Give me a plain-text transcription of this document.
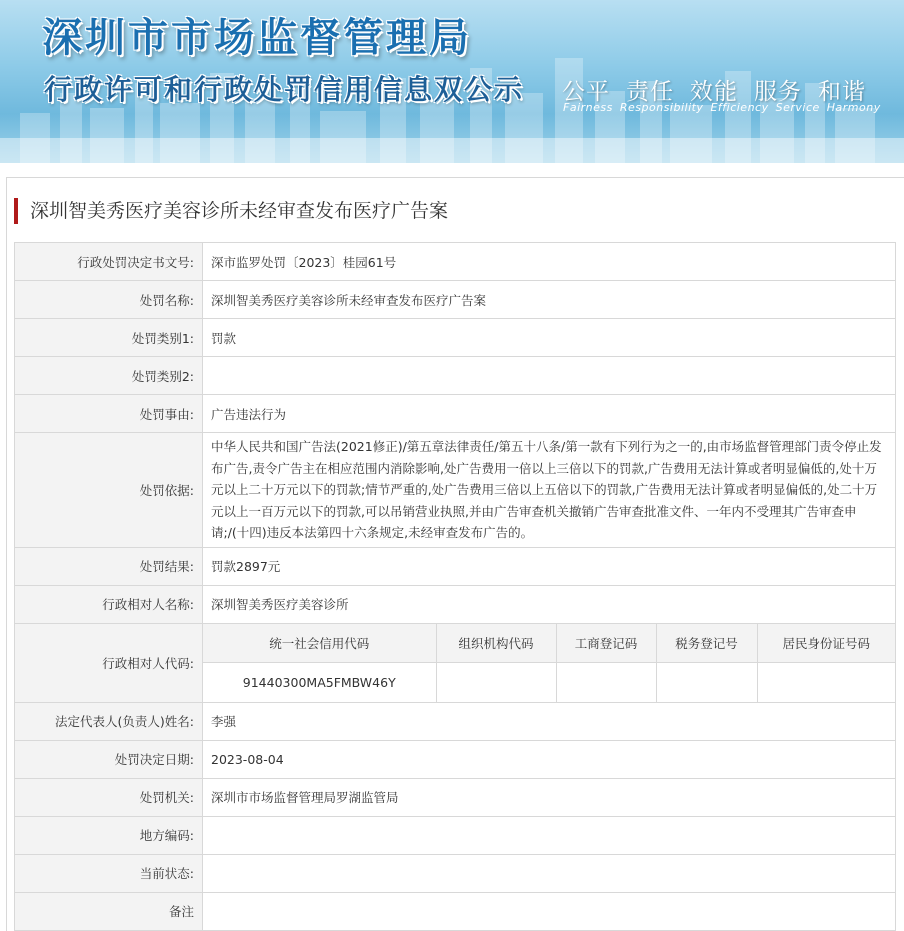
深圳市市场监督管理局
行政许可和行政处罚信用信息双公示 公平 责任 效能 服务 和谐
Fairness Responsibility Efficiency Service Harmony
深圳智美秀医疗美容诊所未经审查发布医疗广告案
行政处罚决定书文号:	深市监罗处罚〔2023〕桂园61号
处罚名称:	深圳智美秀医疗美容诊所未经审查发布医疗广告案
处罚类别1:	罚款
处罚类别2:	
处罚事由:	广告违法行为
处罚依据:	中华人民共和国广告法(2021修正)/第五章法律责任/第五十八条/第一款有下列行为之一的,由市场监督管理部门责令停止发布广告,责令广告主在相应范围内消除影响,处广告费用一倍以上三倍以下的罚款,广告费用无法计算或者明显偏低的,处十万元以上二十万元以下的罚款;情节严重的,处广告费用三倍以上五倍以下的罚款,广告费用无法计算或者明显偏低的,处二十万元以上一百万元以下的罚款,可以吊销营业执照,并由广告审查机关撤销广告审查批准文件、一年内不受理其广告审查申请;/(十四)违反本法第四十六条规定,未经审查发布广告的。
处罚结果:	罚款2897元
行政相对人名称:	深圳智美秀医疗美容诊所
行政相对人代码:	
统一社会信用代码	组织机构代码	工商登记码	税务登记号	居民身份证号码
91440300MA5FMBW46Y				

法定代表人(负责人)姓名:	李强
处罚决定日期:	2023-08-04
处罚机关:	深圳市市场监督管理局罗湖监管局
地方编码:	
当前状态:	
备注	
